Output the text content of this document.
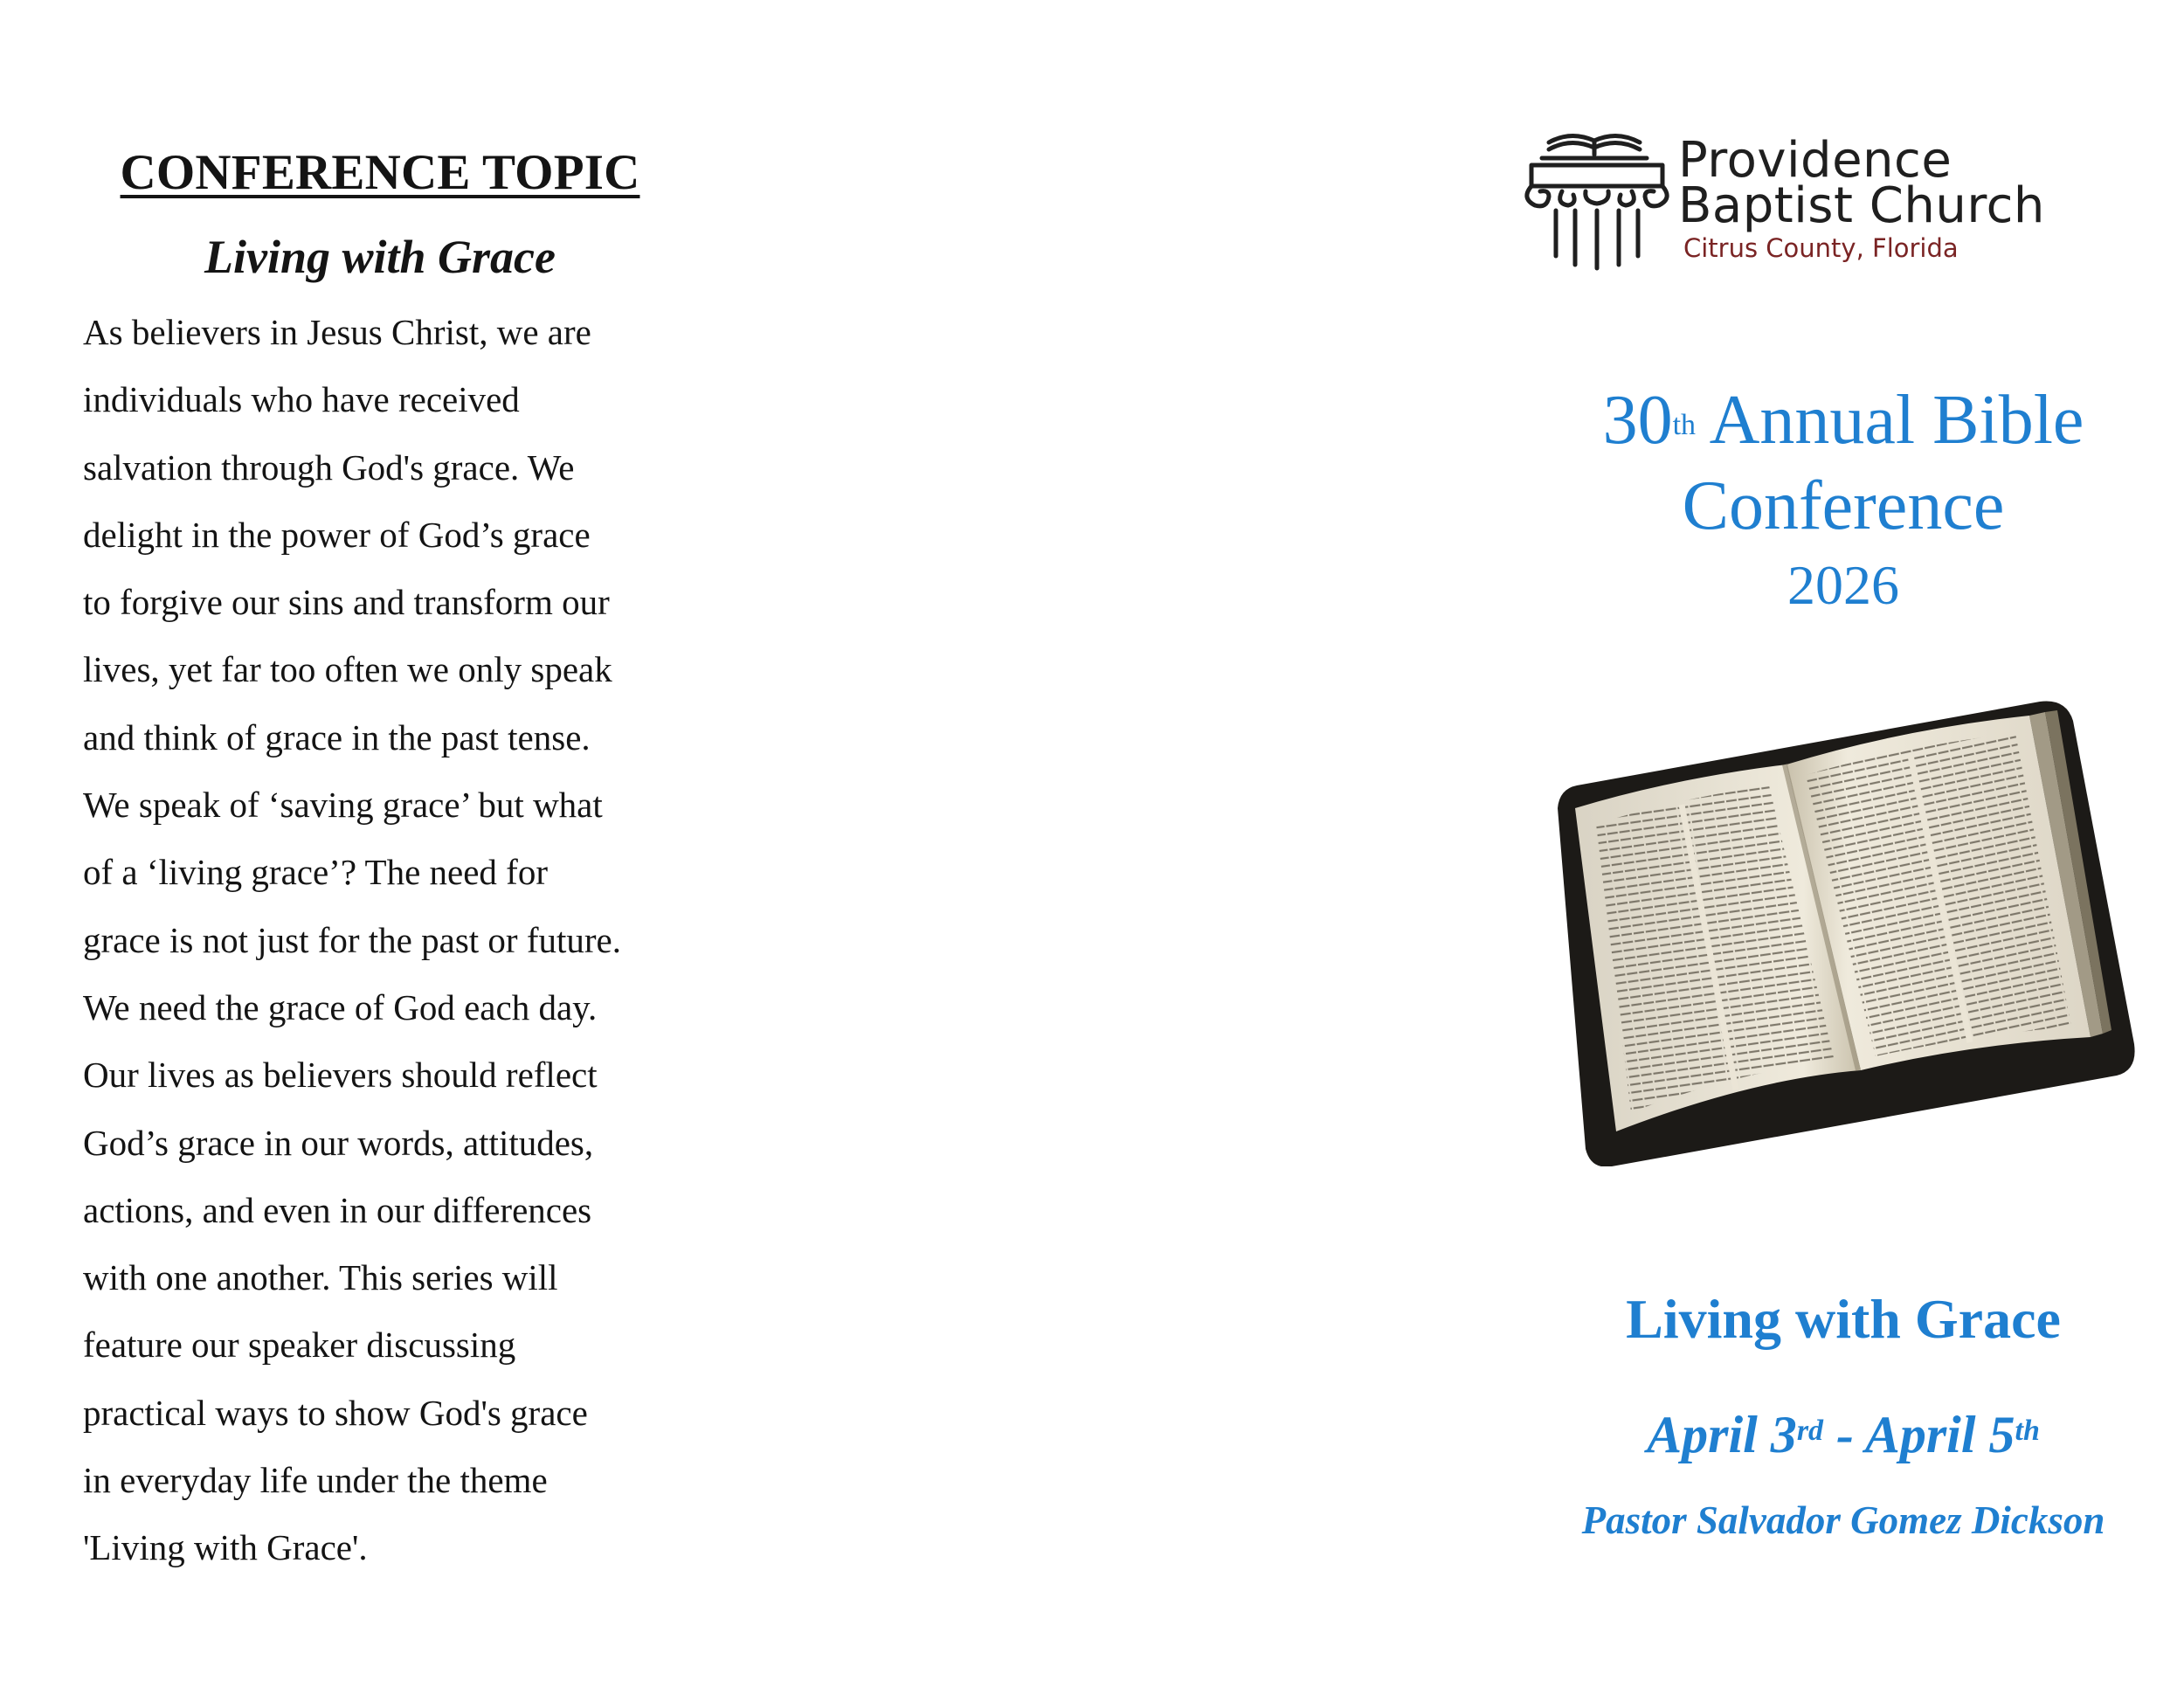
CONFERENCE TOPIC
Living with Grace
As believers in Jesus Christ, we are
individuals who have received
salvation through God's grace. We
delight in the power of God’s grace
to forgive our sins and transform our
lives, yet far too often we only speak
and think of grace in the past tense.
We speak of ‘saving grace’ but what
of a ‘living grace’? The need for
grace is not just for the past or future.
We need the grace of God each day.
Our lives as believers should reflect
God’s grace in our words, attitudes,
actions, and even in our differences
with one another. This series will
feature our speaker discussing
practical ways to show God's grace
in everyday life under the theme
'Living with Grace'.
Providence
Baptist Church
Citrus County, Florida
30th Annual Bible
Conference
2026
Living with Grace
April 3rd - April 5th
Pastor Salvador Gomez Dickson
